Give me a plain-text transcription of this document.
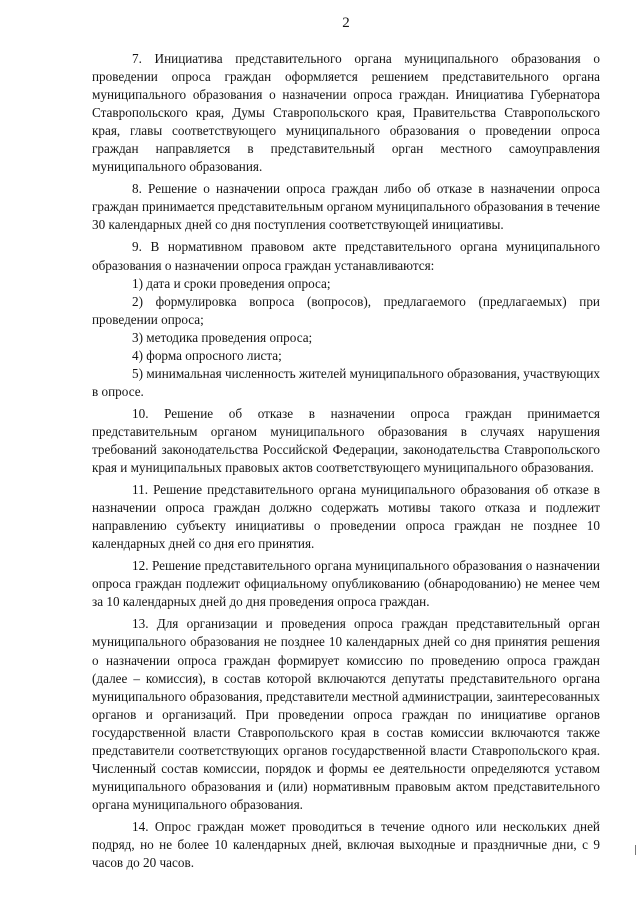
2

7. Инициатива представительного органа муниципального образования о проведении опроса граждан оформляется решением представительного органа муниципального образования о назначении опроса граждан. Инициатива Губернатора Ставропольского края, Думы Ставропольского края, Правительства Ставропольского края, главы соответствующего муниципального образования о проведении опроса граждан направляется в представительный орган местного самоуправления муниципального образования.

8. Решение о назначении опроса граждан либо об отказе в назначении опроса граждан принимается представительным органом муниципального образования в течение 30 календарных дней со дня поступления соответствующей инициативы.

9. В нормативном правовом акте представительного органа муниципального образования о назначении опроса граждан устанавливаются:

1) дата и сроки проведения опроса;

2) формулировка вопроса (вопросов), предлагаемого (предлагаемых) при проведении опроса;

3) методика проведения опроса;

4) форма опросного листа;

5) минимальная численность жителей муниципального образования, участвующих в опросе.

10. Решение об отказе в назначении опроса граждан принимается представительным органом муниципального образования в случаях нарушения требований законодательства Российской Федерации, законодательства Ставропольского края и муниципальных правовых актов соответствующего муниципального образования.

11. Решение представительного органа муниципального образования об отказе в назначении опроса граждан должно содержать мотивы такого отказа и подлежит направлению субъекту инициативы о проведении опроса граждан не позднее 10 календарных дней со дня его принятия.

12. Решение представительного органа муниципального образования о назначении опроса граждан подлежит официальному опубликованию (обнародованию) не менее чем за 10 календарных дней до дня проведения опроса граждан.

13. Для организации и проведения опроса граждан представительный орган муниципального образования не позднее 10 календарных дней со дня принятия решения о назначении опроса граждан формирует комиссию по проведению опроса граждан (далее – комиссия), в состав которой включаются депутаты представительного органа муниципального образования, представители местной администрации, заинтересованных органов и организаций. При проведении опроса граждан по инициативе органов государственной власти Ставропольского края в состав комиссии включаются также представители соответствующих органов государственной власти Ставропольского края. Численный состав комиссии, порядок и формы ее деятельности определяются уставом муниципального образования и (или) нормативным правовым актом представительного органа муниципального образования.

14. Опрос граждан может проводиться в течение одного или нескольких дней подряд, но не более 10 календарных дней, включая выходные и праздничные дни, с 9 часов до 20 часов.
